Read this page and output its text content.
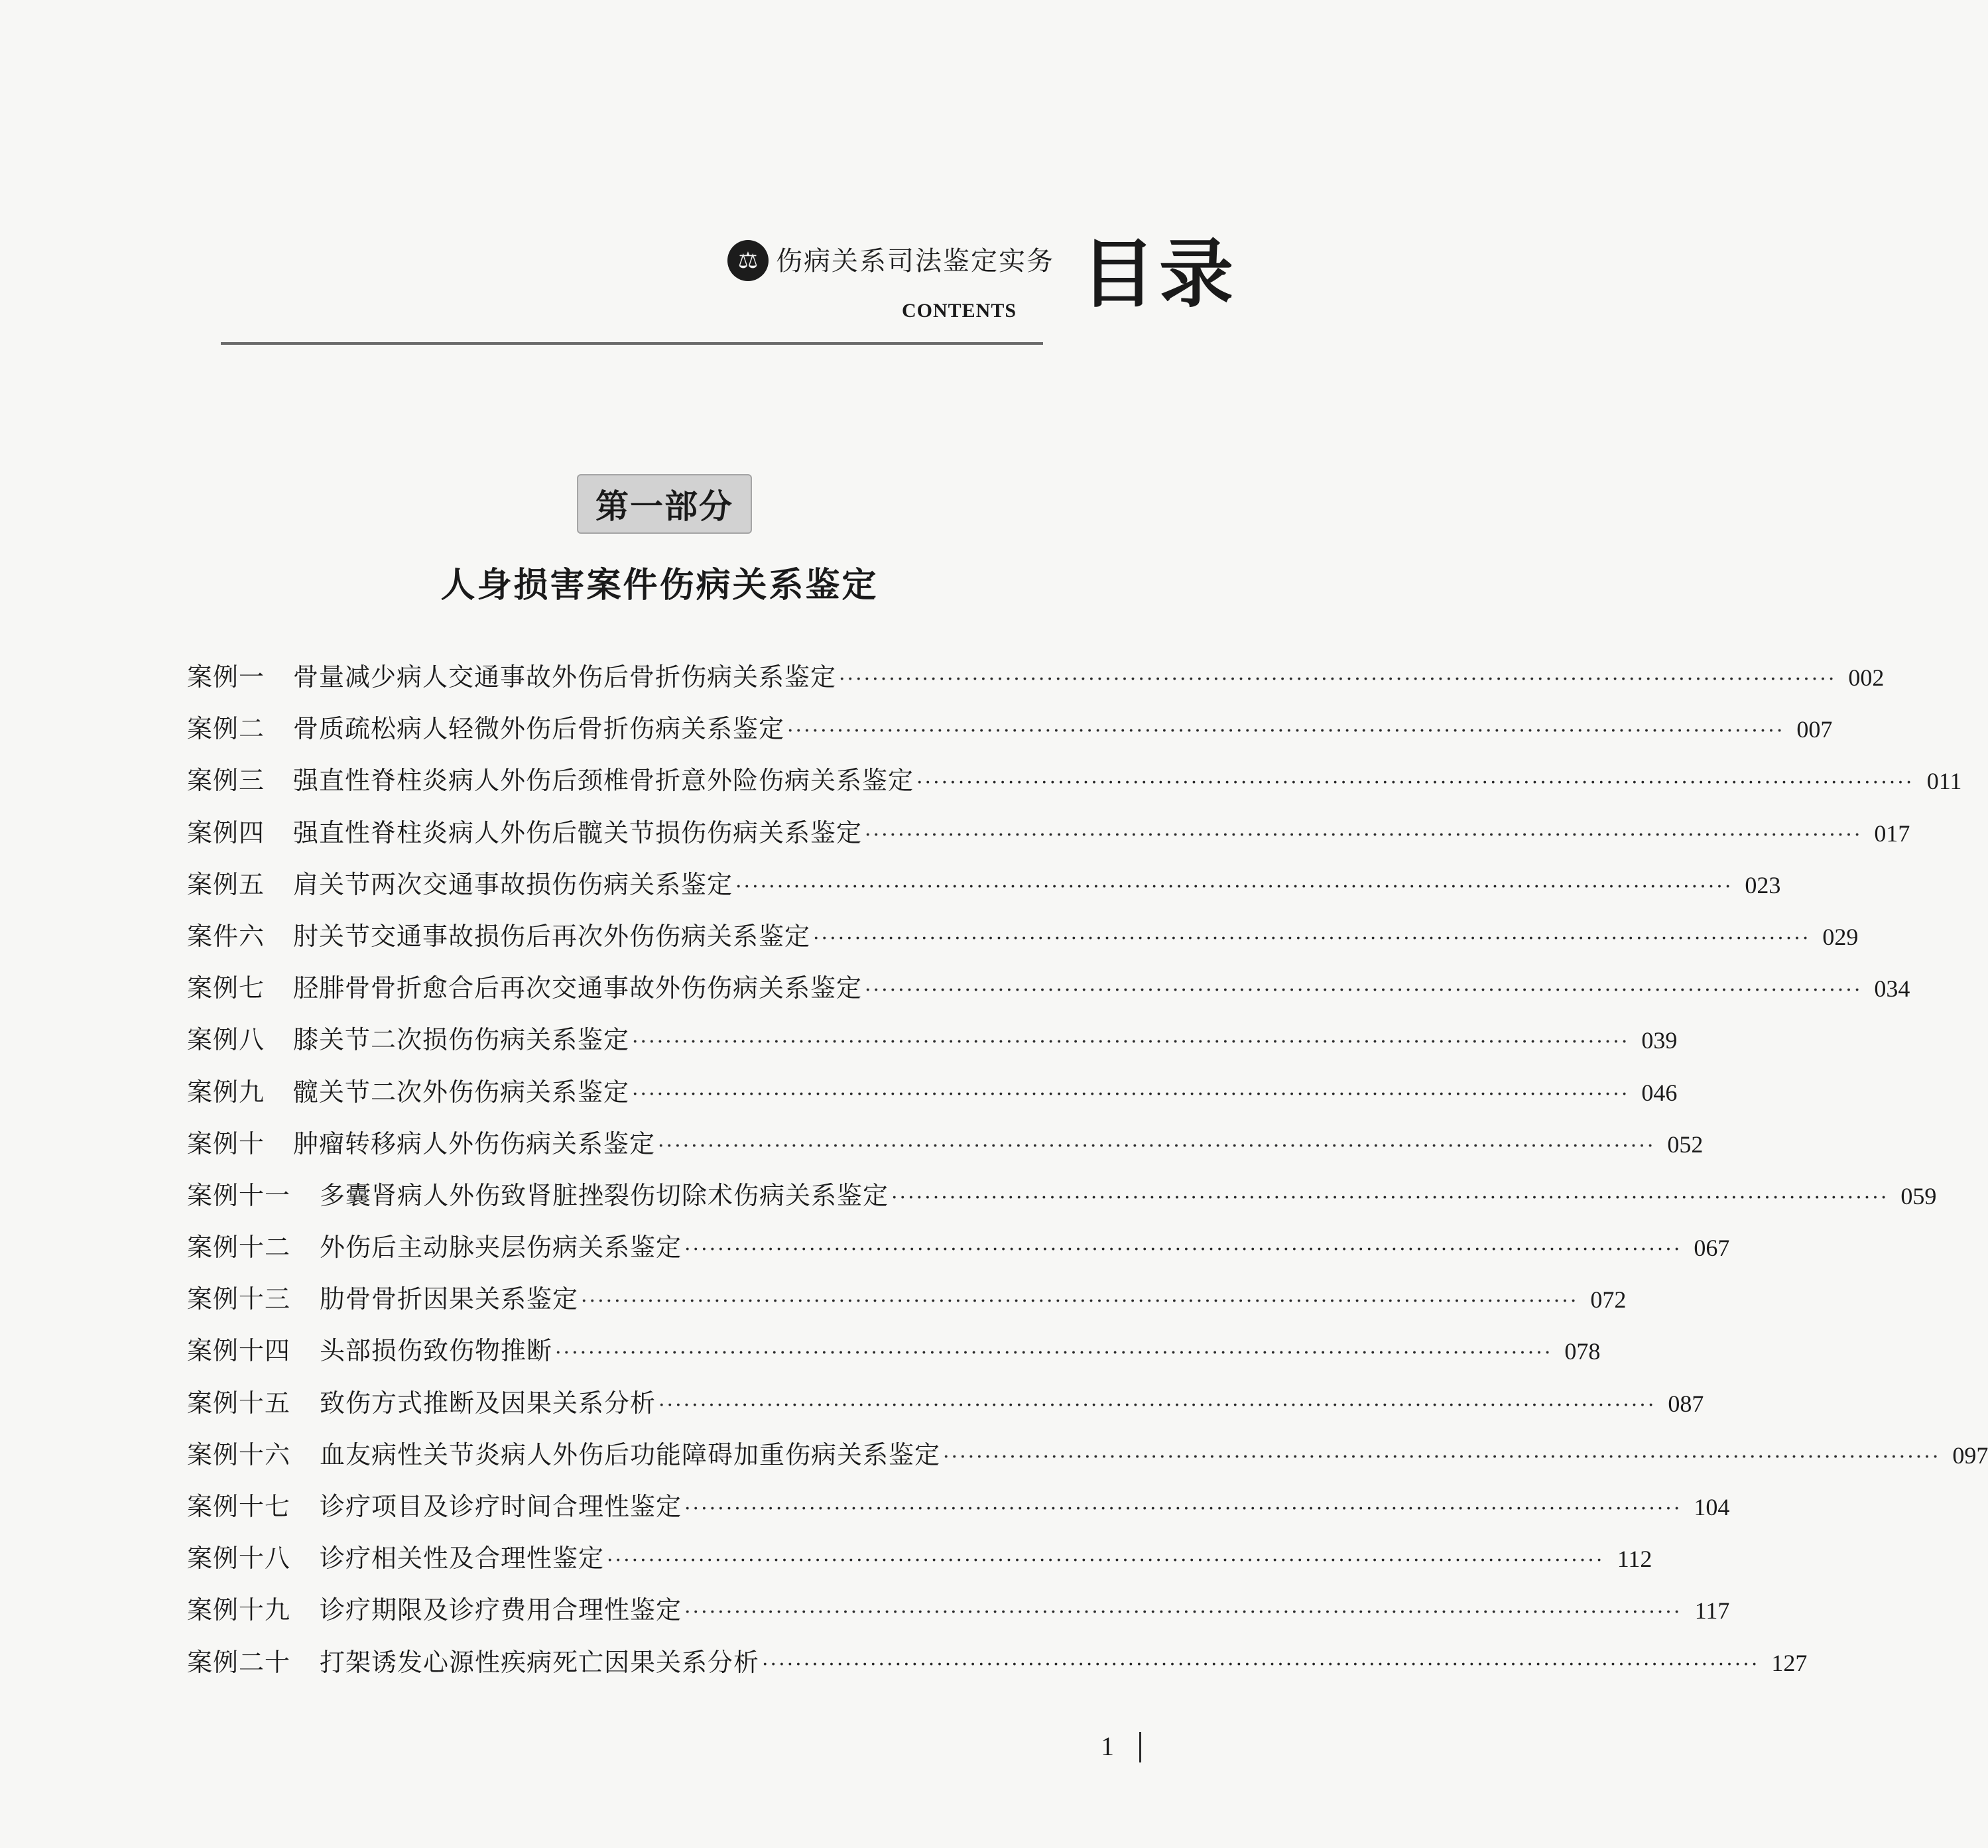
⚖ 伤病关系司法鉴定实务
CONTENTS 目录
第一部分
人身损害案件伤病关系鉴定
案例一	骨量减少病人交通事故外伤后骨折伤病关系鉴定 ························································································································ 002
案例二	骨质疏松病人轻微外伤后骨折伤病关系鉴定 ························································································································ 007
案例三	强直性脊柱炎病人外伤后颈椎骨折意外险伤病关系鉴定 ························································································································ 011
案例四	强直性脊柱炎病人外伤后髋关节损伤伤病关系鉴定 ························································································································ 017
案例五	肩关节两次交通事故损伤伤病关系鉴定 ························································································································ 023
案件六	肘关节交通事故损伤后再次外伤伤病关系鉴定 ························································································································ 029
案例七	胫腓骨骨折愈合后再次交通事故外伤伤病关系鉴定 ························································································································ 034
案例八	膝关节二次损伤伤病关系鉴定 ························································································································ 039
案例九	髋关节二次外伤伤病关系鉴定 ························································································································ 046
案例十	肿瘤转移病人外伤伤病关系鉴定 ························································································································ 052
案例十一	多囊肾病人外伤致肾脏挫裂伤切除术伤病关系鉴定 ························································································································ 059
案例十二	外伤后主动脉夹层伤病关系鉴定 ························································································································ 067
案例十三	肋骨骨折因果关系鉴定 ························································································································ 072
案例十四	头部损伤致伤物推断 ························································································································ 078
案例十五	致伤方式推断及因果关系分析 ························································································································ 087
案例十六	血友病性关节炎病人外伤后功能障碍加重伤病关系鉴定 ························································································································ 097
案例十七	诊疗项目及诊疗时间合理性鉴定 ························································································································ 104
案例十八	诊疗相关性及合理性鉴定 ························································································································ 112
案例十九	诊疗期限及诊疗费用合理性鉴定 ························································································································ 117
案例二十	打架诱发心源性疾病死亡因果关系分析 ························································································································ 127
1
